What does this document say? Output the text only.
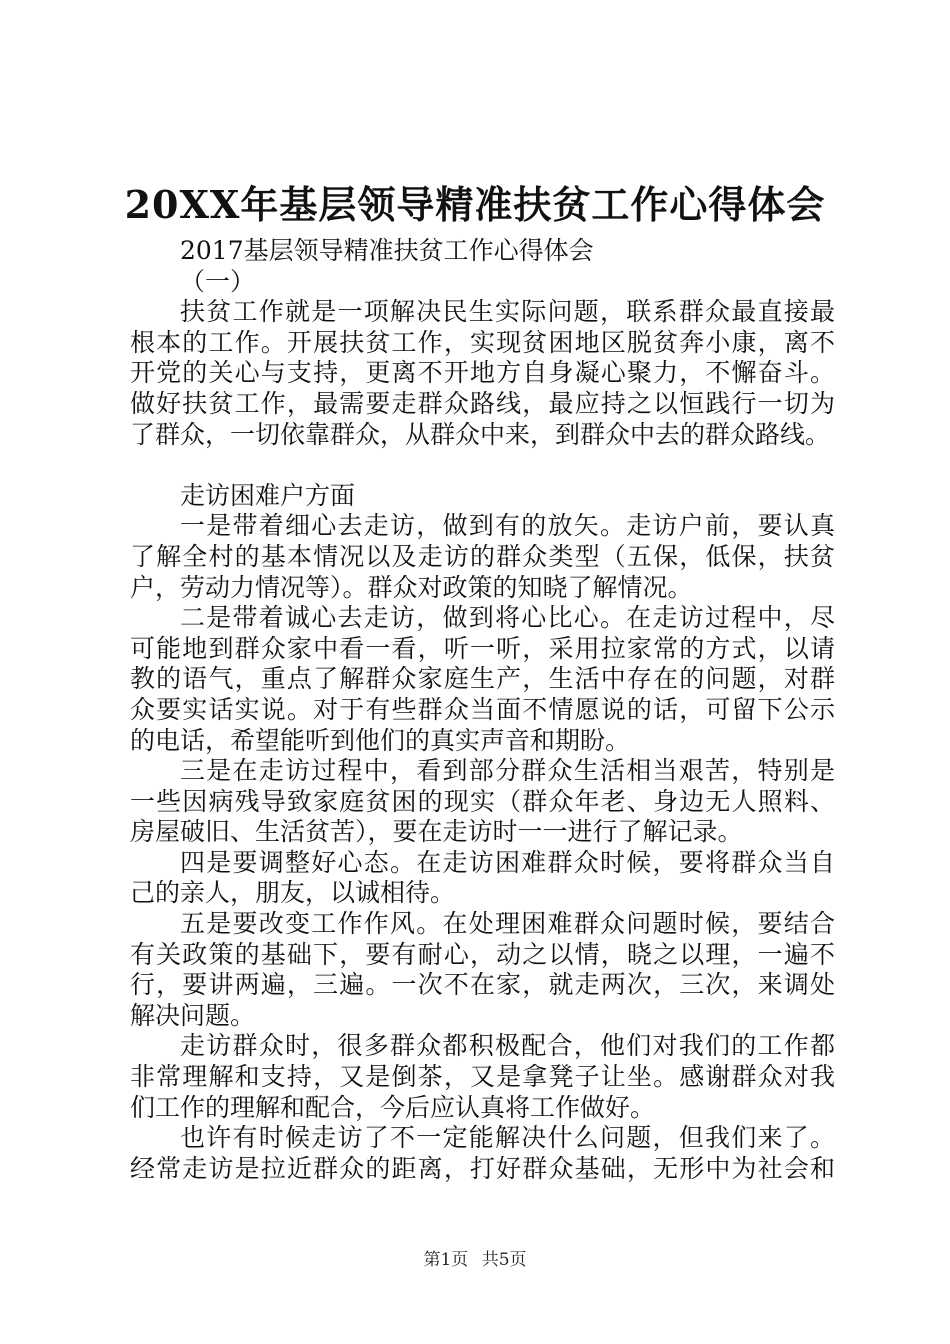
20XX年基层领导精准扶贫工作心得体会
2017基层领导精准扶贫工作心得体会
（一）
扶贫工作就是一项解决民生实际问题，联系群众最直接最
根本的工作。开展扶贫工作，实现贫困地区脱贫奔小康，离不
开党的关心与支持，更离不开地方自身凝心聚力，不懈奋斗。
做好扶贫工作，最需要走群众路线，最应持之以恒践行一切为
了群众，一切依靠群众，从群众中来，到群众中去的群众路线。
走访困难户方面
一是带着细心去走访，做到有的放矢。走访户前，要认真
了解全村的基本情况以及走访的群众类型（五保，低保，扶贫
户，劳动力情况等）。群众对政策的知晓了解情况。
二是带着诚心去走访，做到将心比心。在走访过程中，尽
可能地到群众家中看一看，听一听，采用拉家常的方式，以请
教的语气，重点了解群众家庭生产，生活中存在的问题，对群
众要实话实说。对于有些群众当面不情愿说的话，可留下公示
的电话，希望能听到他们的真实声音和期盼。
三是在走访过程中，看到部分群众生活相当艰苦，特别是
一些因病残导致家庭贫困的现实（群众年老、身边无人照料、
房屋破旧、生活贫苦），要在走访时一一进行了解记录。
四是要调整好心态。在走访困难群众时候，要将群众当自
己的亲人，朋友，以诚相待。
五是要改变工作作风。在处理困难群众问题时候，要结合
有关政策的基础下，要有耐心，动之以情，晓之以理，一遍不
行，要讲两遍，三遍。一次不在家，就走两次，三次，来调处
解决问题。
走访群众时，很多群众都积极配合，他们对我们的工作都
非常理解和支持，又是倒茶，又是拿凳子让坐。感谢群众对我
们工作的理解和配合，今后应认真将工作做好。
也许有时候走访了不一定能解决什么问题，但我们来了。
经常走访是拉近群众的距离，打好群众基础，无形中为社会和
第1页 共5页
